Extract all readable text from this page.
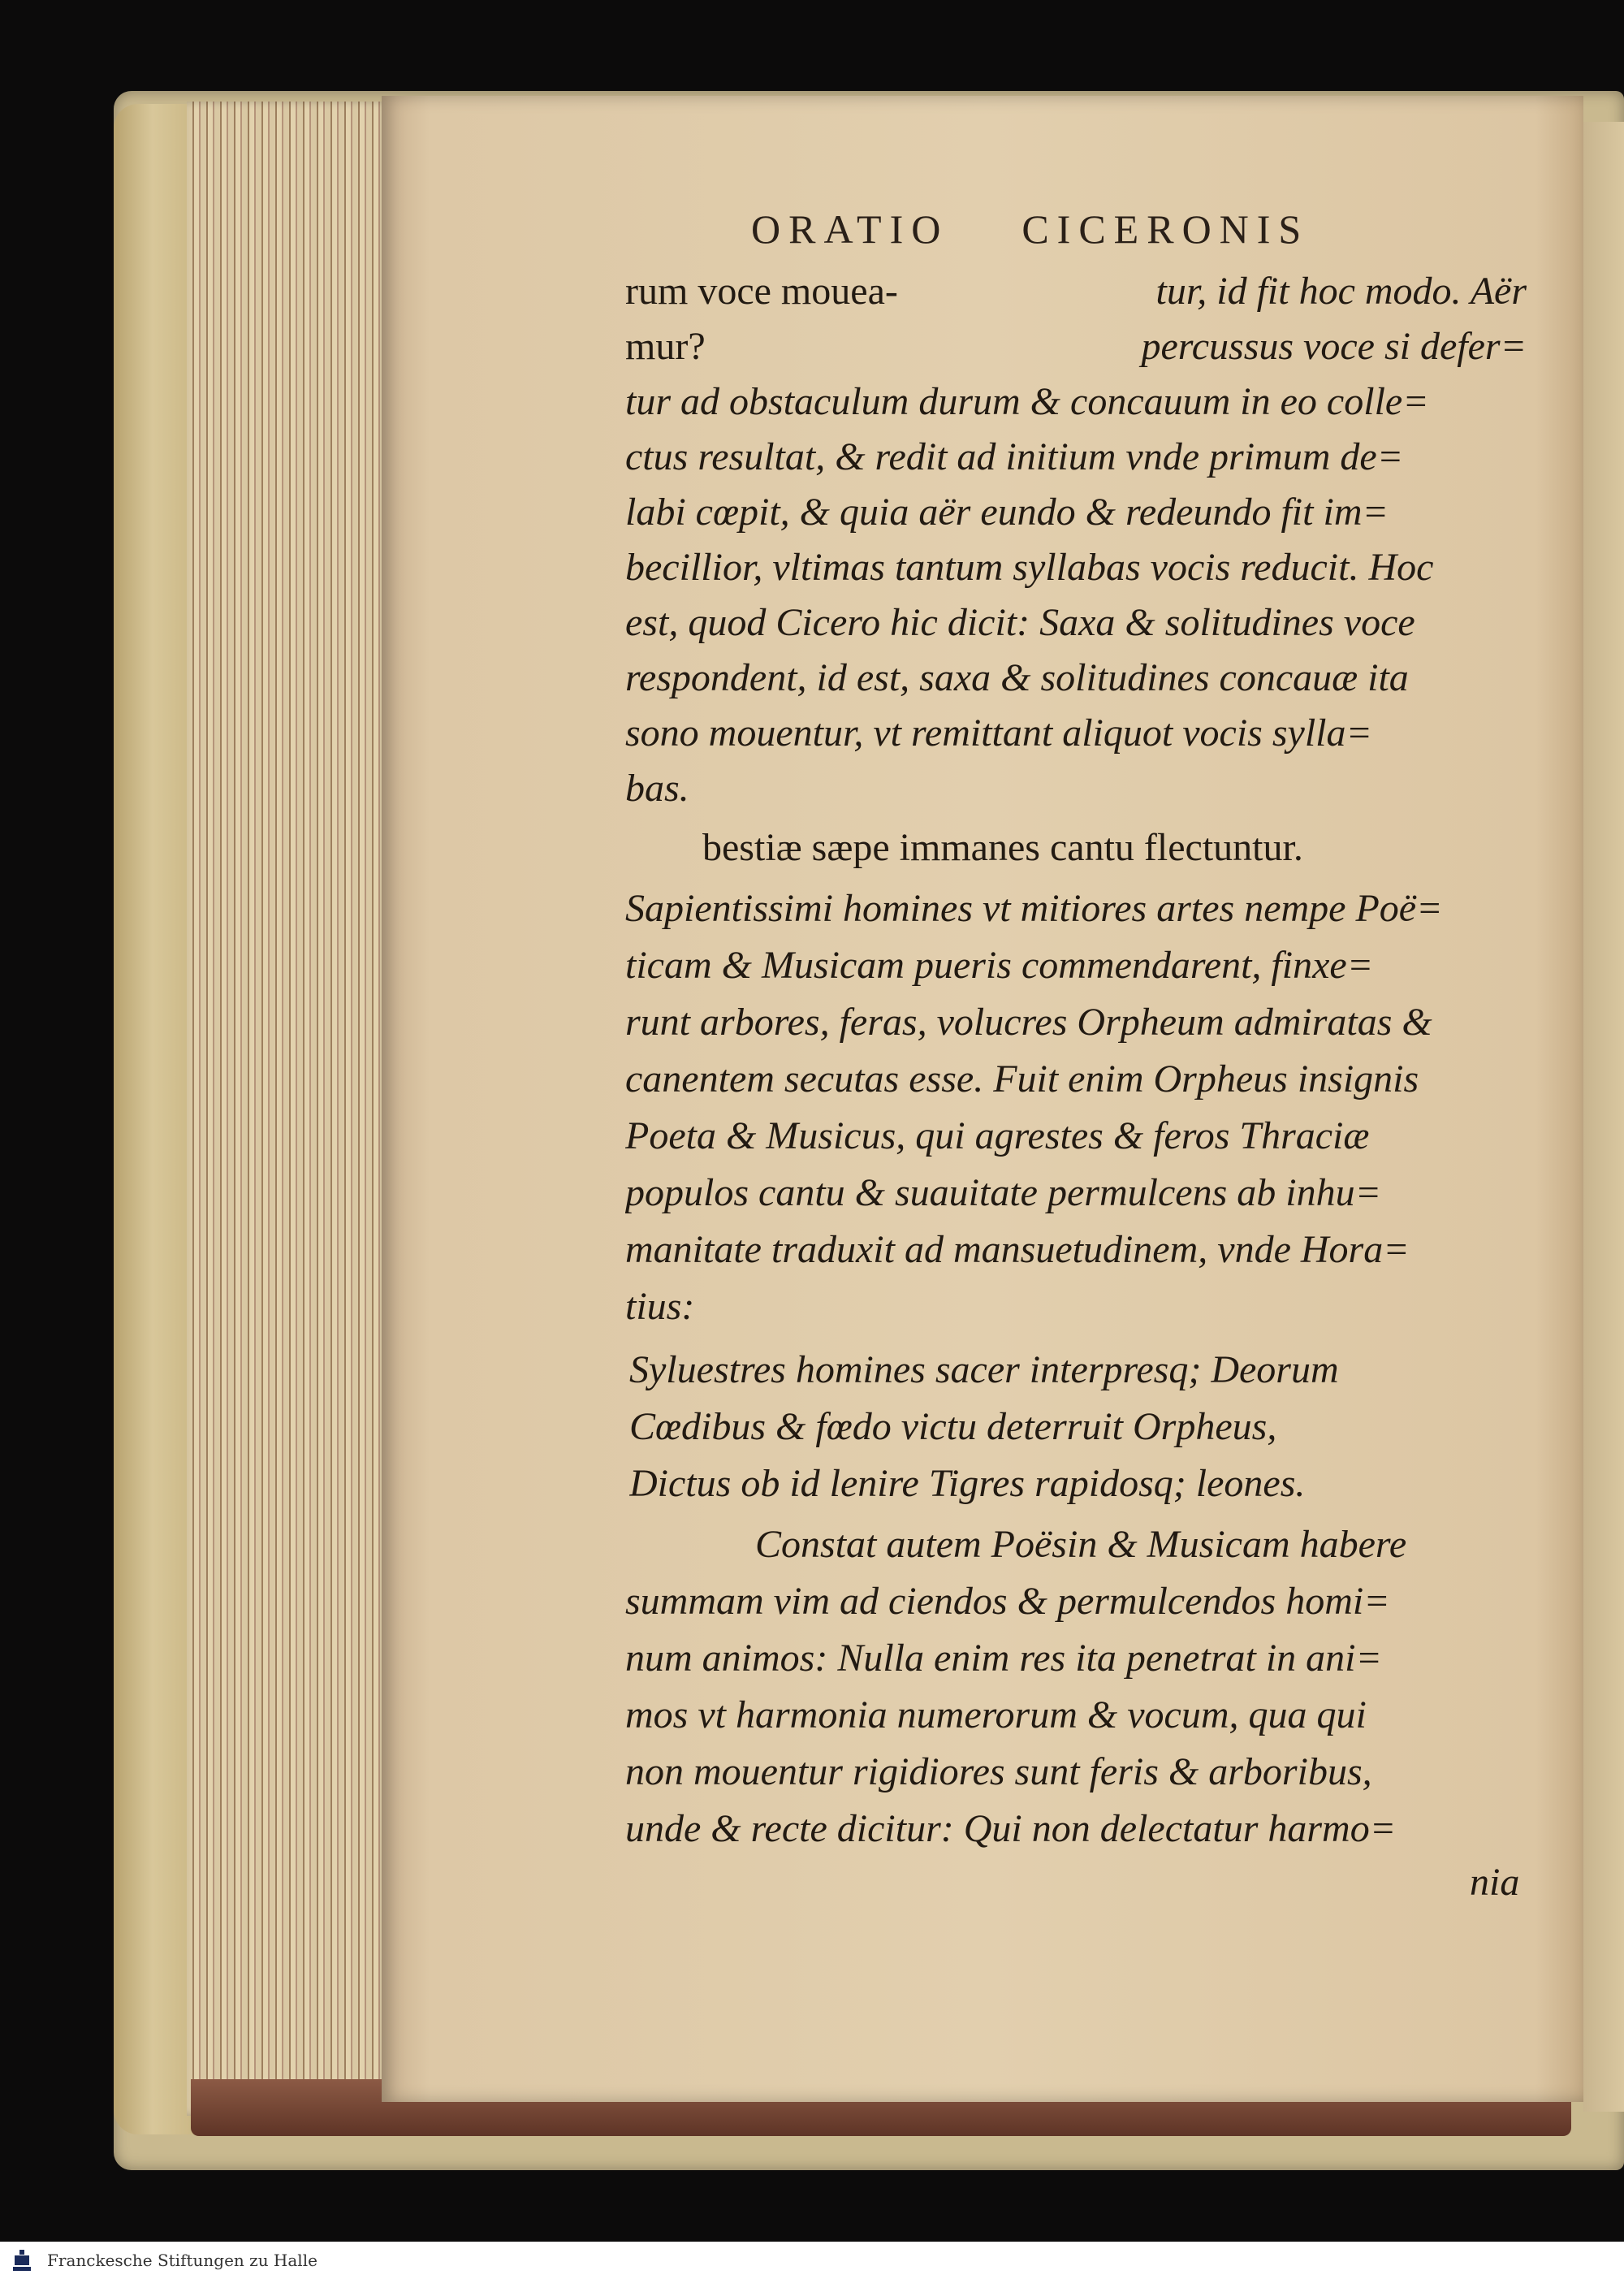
ORATIO CICERONIS
rum voce mouea-	tur, id fit hoc modo. Aër
mur?	percussus voce si defer=
tur ad obstaculum durum & concauum in eo colle=
ctus resultat, & redit ad initium vnde primum de=
labi cœpit, & quia aër eundo & redeundo fit im=
becillior, vltimas tantum syllabas vocis reducit. Hoc
est, quod Cicero hic dicit: Saxa & solitudines voce
respondent, id est, saxa & solitudines concauæ ita
sono mouentur, vt remittant aliquot vocis sylla=
bas.
bestiæ sæpe immanes cantu flectuntur.
Sapientissimi homines vt mitiores artes nempe Poë=
ticam & Musicam pueris commendarent, finxe=
runt arbores, feras, volucres Orpheum admiratas &
canentem secutas esse. Fuit enim Orpheus insignis
Poeta & Musicus, qui agrestes & feros Thraciæ
populos cantu & suauitate permulcens ab inhu=
manitate traduxit ad mansuetudinem, vnde Hora=
tius:
Syluestres homines sacer interpresq; Deorum
Cœdibus & fœdo victu deterruit Orpheus,
Dictus ob id lenire Tigres rapidosq; leones.
Constat autem Poësin & Musicam habere
summam vim ad ciendos & permulcendos homi=
num animos: Nulla enim res ita penetrat in ani=
mos vt harmonia numerorum & vocum, qua qui
non mouentur rigidiores sunt feris & arboribus,
unde & recte dicitur: Qui non delectatur harmo=
nia
Franckesche Stiftungen zu Halle
